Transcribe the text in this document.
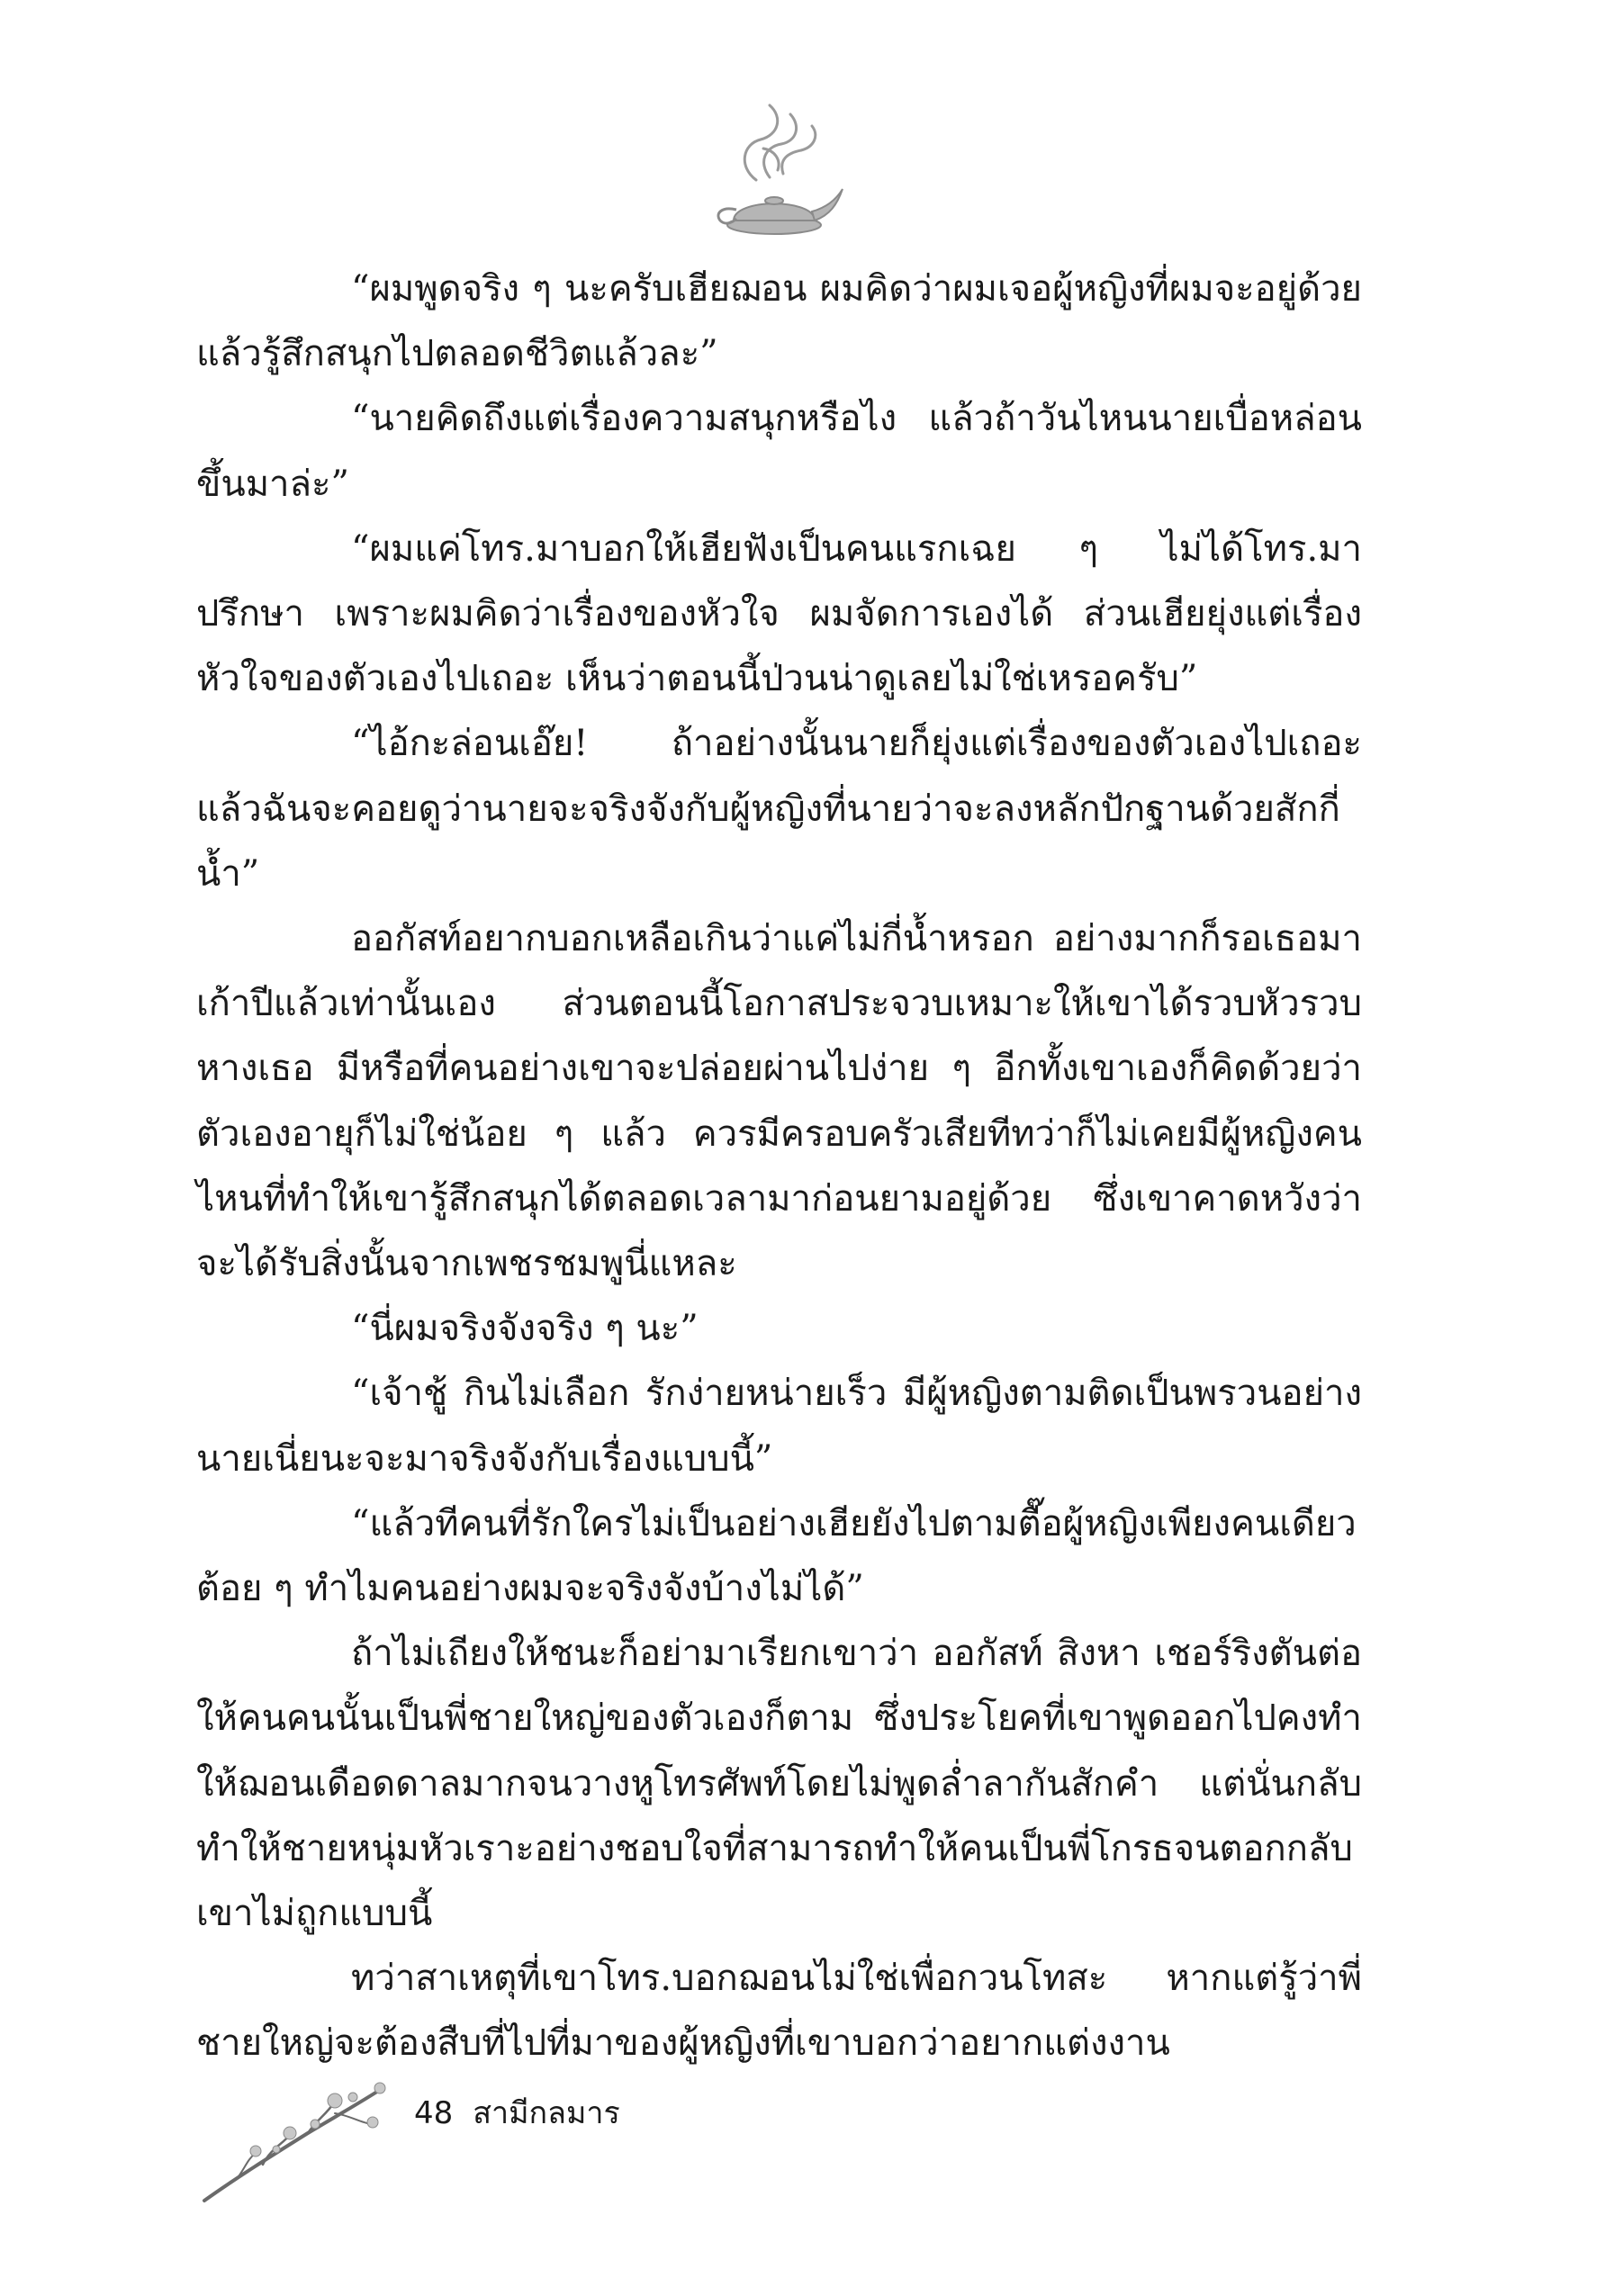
“ผมพูดจริง ๆ นะครับเฮียฌอน ผมคิดว่าผมเจอผู้หญิงที่ผมจะอยู่ด้วย แล้วรู้สึกสนุกไปตลอดชีวิตแล้วละ”

“นายคิดถึงแต่เรื่องความสนุกหรือไง แล้วถ้าวันไหนนายเบื่อหล่อนขึ้นมาล่ะ”

“ผมแค่โทร.มาบอกให้เฮียฟังเป็นคนแรกเฉย ๆ ไม่ได้โทร.มาปรึกษา เพราะผมคิดว่าเรื่องของหัวใจ ผมจัดการเองได้ ส่วนเฮียยุ่งแต่เรื่องหัวใจของตัวเองไปเถอะ เห็นว่าตอนนี้ป่วนน่าดูเลยไม่ใช่เหรอครับ”

“ไอ้กะล่อนเอ๊ย! ถ้าอย่างนั้นนายก็ยุ่งแต่เรื่องของตัวเองไปเถอะ แล้วฉันจะคอยดูว่านายจะจริงจังกับผู้หญิงที่นายว่าจะลงหลักปักฐานด้วยสักกี่น้ำ”

ออกัสท์อยากบอกเหลือเกินว่าแค่ไม่กี่น้ำหรอก อย่างมากก็รอเธอมาเก้าปีแล้วเท่านั้นเอง ส่วนตอนนี้โอกาสประจวบเหมาะให้เขาได้รวบหัวรวบหางเธอ มีหรือที่คนอย่างเขาจะปล่อยผ่านไปง่าย ๆ อีกทั้งเขาเองก็คิดด้วยว่าตัวเองอายุก็ไม่ใช่น้อย ๆ แล้ว ควรมีครอบครัวเสียทีทว่าก็ไม่เคยมีผู้หญิงคนไหนที่ทำให้เขารู้สึกสนุกได้ตลอดเวลามาก่อนยามอยู่ด้วย ซึ่งเขาคาดหวังว่าจะได้รับสิ่งนั้นจากเพชรชมพูนี่แหละ

“นี่ผมจริงจังจริง ๆ นะ”

“เจ้าชู้ กินไม่เลือก รักง่ายหน่ายเร็ว มีผู้หญิงตามติดเป็นพรวนอย่างนายเนี่ยนะจะมาจริงจังกับเรื่องแบบนี้”

“แล้วทีคนที่รักใครไม่เป็นอย่างเฮียยังไปตามตื๊อผู้หญิงเพียงคนเดียวต้อย ๆ ทำไมคนอย่างผมจะจริงจังบ้างไม่ได้”

ถ้าไม่เถียงให้ชนะก็อย่ามาเรียกเขาว่า ออกัสท์ สิงหา เชอร์ริงตันต่อให้คนคนนั้นเป็นพี่ชายใหญ่ของตัวเองก็ตาม ซึ่งประโยคที่เขาพูดออกไปคงทำให้ฌอนเดือดดาลมากจนวางหูโทรศัพท์โดยไม่พูดล่ำลากันสักคำ แต่นั่นกลับทำให้ชายหนุ่มหัวเราะอย่างชอบใจที่สามารถทำให้คนเป็นพี่โกรธจนตอกกลับเขาไม่ถูกแบบนี้

ทว่าสาเหตุที่เขาโทร.บอกฌอนไม่ใช่เพื่อกวนโทสะ หากแต่รู้ว่าพี่ชายใหญ่จะต้องสืบที่ไปที่มาของผู้หญิงที่เขาบอกว่าอยากแต่งงาน

48 สามีกลมาร
